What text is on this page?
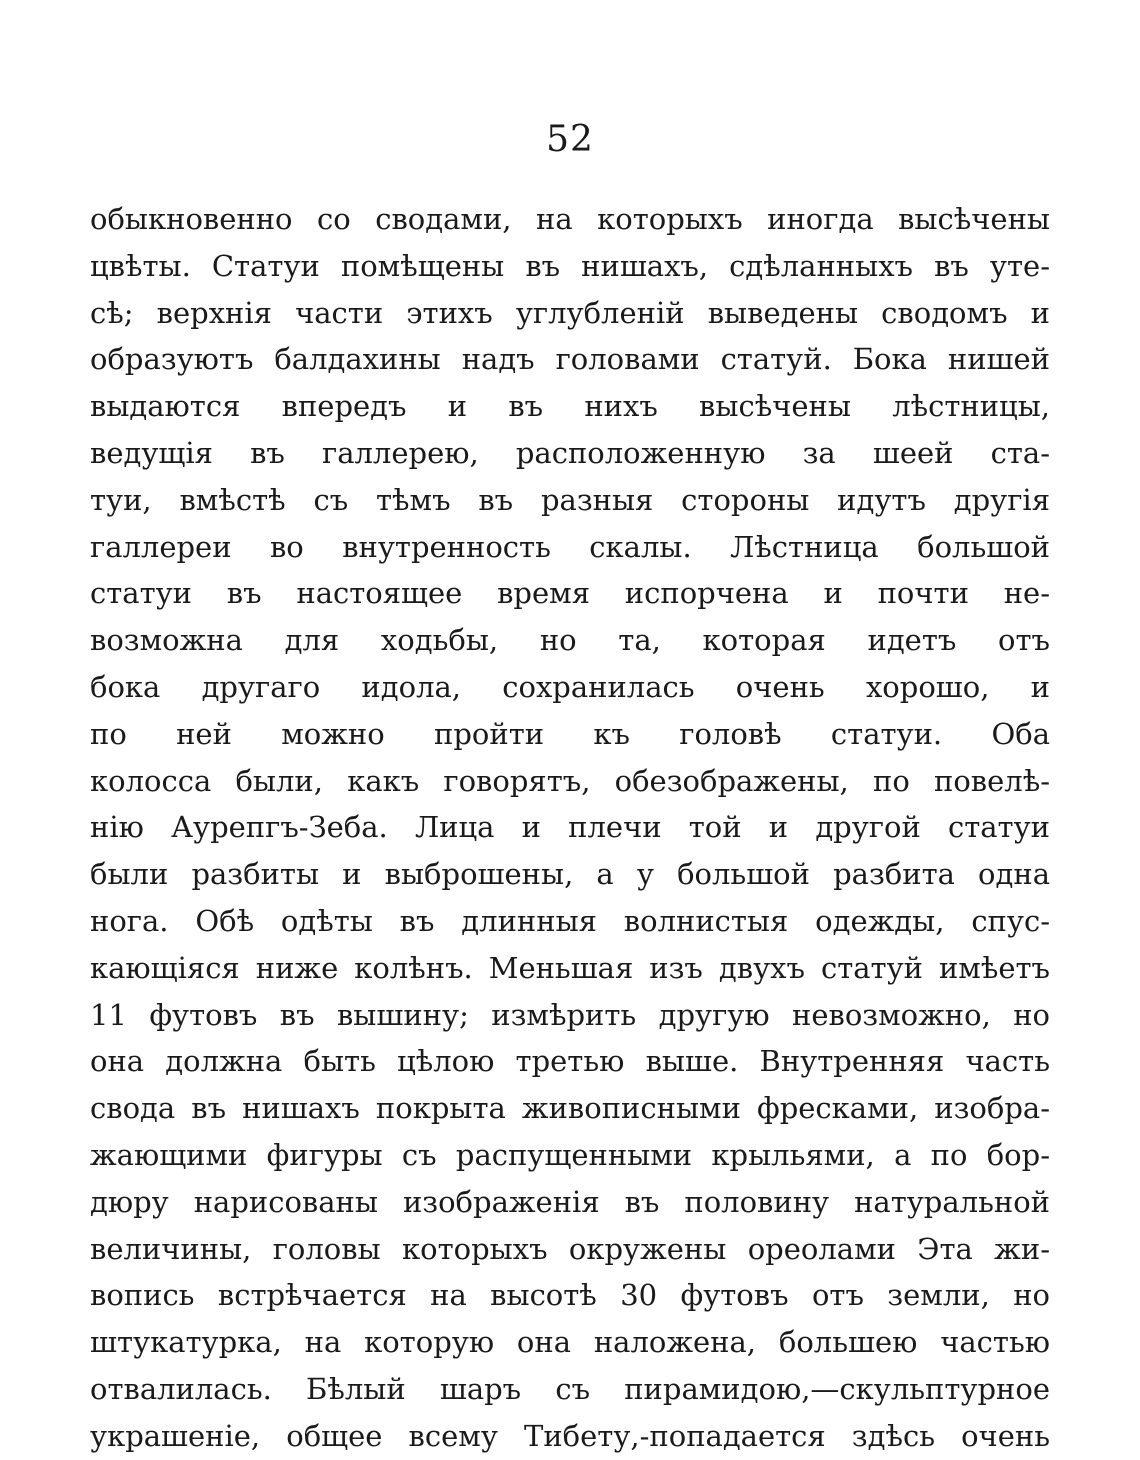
52
обыкновенно со сводами, на которыхъ иногда высѣчены
цвѣты. Статуи помѣщены въ нишахъ, сдѣланныхъ въ уте-
сѣ; верхнія части этихъ углубленій выведены сводомъ и
образуютъ балдахины надъ головами статуй. Бока нишей
выдаются впередъ и въ нихъ высѣчены лѣстницы,
ведущія въ галлерею, расположенную за шеей ста-
туи, вмѣстѣ съ тѣмъ въ разныя стороны идутъ другія
галлереи во внутренность скалы. Лѣстница большой
статуи въ настоящее время испорчена и почти не-
возможна для ходьбы, но та, которая идетъ отъ
бока другаго идола, сохранилась очень хорошо, и
по ней можно пройти къ головѣ статуи. Оба
колосса были, какъ говорятъ, обезображены, по повелѣ-
нію Аурепгъ-Зеба. Лица и плечи той и другой статуи
были разбиты и выброшены, а у большой разбита одна
нога. Обѣ одѣты въ длинныя волнистыя одежды, спус-
кающіяся ниже колѣнъ. Меньшая изъ двухъ статуй имѣетъ
11 футовъ въ вышину; измѣрить другую невозможно, но
она должна быть цѣлою третью выше. Внутренняя часть
свода въ нишахъ покрыта живописными фресками, изобра-
жающими фигуры съ распущенными крыльями, а по бор-
дюру нарисованы изображенія въ половину натуральной
величины, головы которыхъ окружены ореолами Эта жи-
вопись встрѣчается на высотѣ 30 футовъ отъ земли, но
штукатурка, на которую она наложена, большею частью
отвалилась. Бѣлый шаръ съ пирамидою,—скульптурное
украшеніе, общее всему Тибету,-попадается здѣсь очень
